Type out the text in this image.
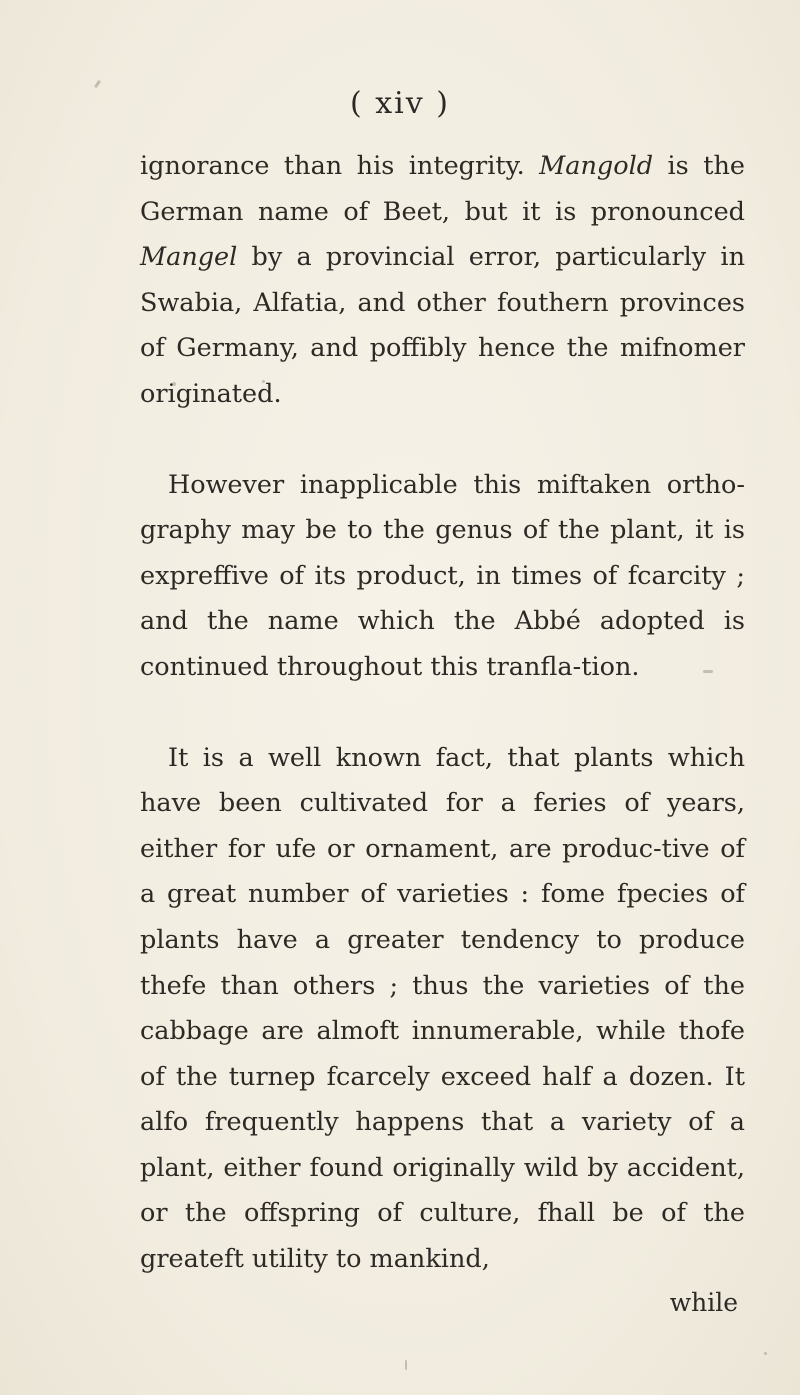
( xiv )

ignorance than his integrity. Mangold is the German name of Beet, but it is pronounced Mangel by a provincial error, particularly in Swabia, Alfatia, and other fouthern provinces of Germany, and poffibly hence the mifnomer originated.

However inapplicable this miftaken ortho-graphy may be to the genus of the plant, it is expreffive of its product, in times of fcarcity ; and the name which the Abbé adopted is continued throughout this tranfla-tion.

It is a well known fact, that plants which have been cultivated for a feries of years, either for ufe or ornament, are produc-tive of a great number of varieties : fome fpecies of plants have a greater tendency to produce thefe than others ; thus the varieties of the cabbage are almoft innumerable, while thofe of the turnep fcarcely exceed half a dozen. It alfo frequently happens that a variety of a plant, either found originally wild by accident, or the offspring of culture, fhall be of the greateft utility to mankind,

while
